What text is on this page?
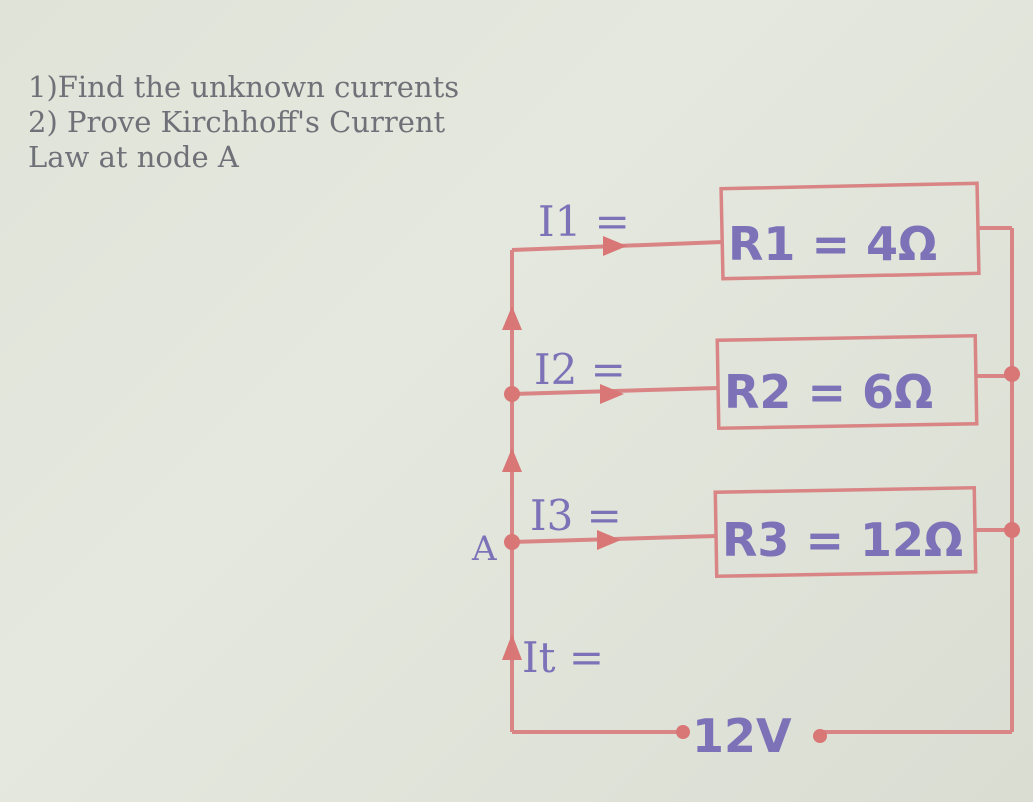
1)Find the unknown currents
2) Prove Kirchhoff's Current
Law at node A
I1 =
I2 =
I3 =
It =
A
R1 = 4Ω
R2 = 6Ω
R3 = 12Ω
12V
